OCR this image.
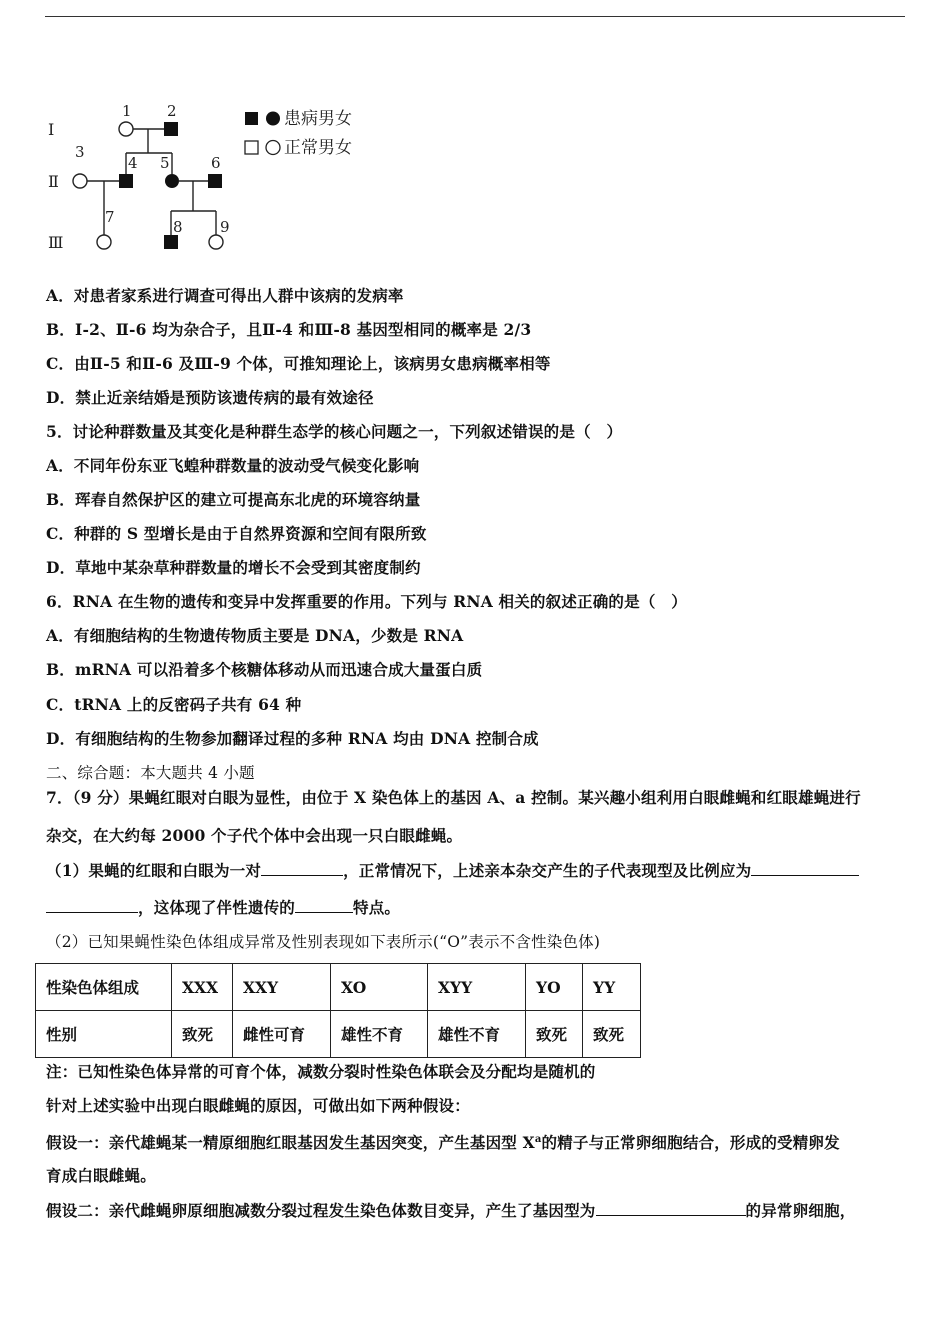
Ⅰ
Ⅱ
Ⅲ
1 2
3
4 5	6
7
8 9
患病男女
正常男女

A．对患者家系进行调查可得出人群中该病的发病率

B．I-2、Ⅱ-6 均为杂合子，且Ⅱ-4 和Ⅲ-8 基因型相同的概率是 2/3

C．由Ⅱ-5 和Ⅱ-6 及Ⅲ-9 个体，可推知理论上，该病男女患病概率相等

D．禁止近亲结婚是预防该遗传病的最有效途径

5．讨论种群数量及其变化是种群生态学的核心问题之一，下列叙述错误的是（　）

A．不同年份东亚飞蝗种群数量的波动受气候变化影响

B．珲春自然保护区的建立可提高东北虎的环境容纳量

C．种群的 S 型增长是由于自然界资源和空间有限所致

D．草地中某杂草种群数量的增长不会受到其密度制约

6．RNA 在生物的遗传和变异中发挥重要的作用。下列与 RNA 相关的叙述正确的是（　）

A．有细胞结构的生物遗传物质主要是 DNA，少数是 RNA

B．mRNA 可以沿着多个核糖体移动从而迅速合成大量蛋白质

C．tRNA 上的反密码子共有 64 种

D．有细胞结构的生物参加翻译过程的多种 RNA 均由 DNA 控制合成

二、综合题：本大题共 4 小题

7．（9 分）果蝇红眼对白眼为显性，由位于 X 染色体上的基因 A、a 控制。某兴趣小组利用白眼雌蝇和红眼雄蝇进行

杂交，在大约每 2000 个子代个体中会出现一只白眼雌蝇。

（1）果蝇的红眼和白眼为一对	，正常情况下，上述亲本杂交产生的子代表现型及比例应为

，这体现了伴性遗传的	特点。

（2）已知果蝇性染色体组成异常及性别表现如下表所示(“O”表示不含性染色体)

性染色体组成	XXX	XXY	XO	XYY	YO	YY
性别	致死	雌性可育	雄性不育	雄性不育	致死	致死

注：已知性染色体异常的可育个体，减数分裂时性染色体联会及分配均是随机的

针对上述实验中出现白眼雌蝇的原因，可做出如下两种假设：

假设一：亲代雄蝇某一精原细胞红眼基因发生基因突变，产生基因型 $X^a$的精子与正常卵细胞结合，形成的受精卵发

育成白眼雌蝇。

假设二：亲代雌蝇卵原细胞减数分裂过程发生染色体数目变异，产生了基因型为	的异常卵细胞，
